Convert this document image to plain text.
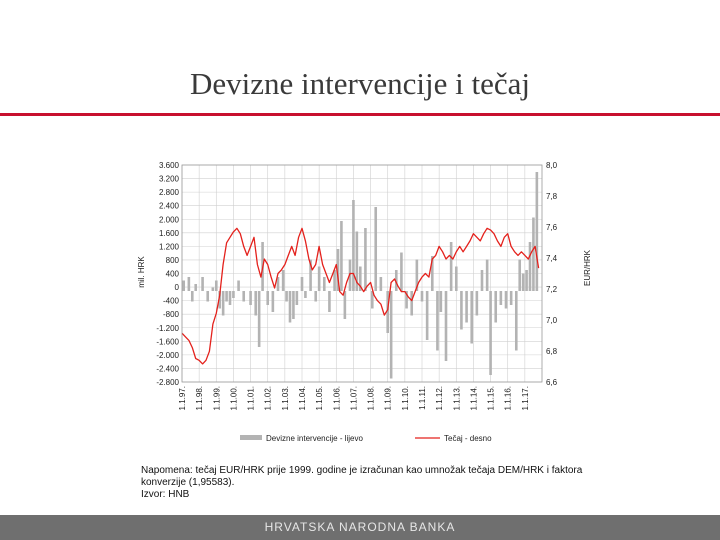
Devizne intervencije i tečaj
3.600
3.200
2.800
2.400
2.000
1.600
1.200
800
400
0
-400
-800
-1.200
-1.600
-2.000
-2.400
-2.800
8,0
7,8
7,6
7,4
7,2
7,0
6,8
6,6
1.1.97. 1.1.98. 1.1.99. 1.1.00. 1.1.01. 1.1.02. 1.1.03. 1.1.04. 1.1.05. 1.1.06. 1.1.07. 1.1.08. 1.1.09. 1.1.10. 1.1.11. 1.1.12. 1.1.13. 1.1.14. 1.1.15. 1.1.16. 1.1.17.
mil. HRK	EUR/HRK
Devizne intervencije - lijevo	Tečaj - desno
Napomena: tečaj EUR/HRK prije 1999. godine je izračunan kao umnožak tečaja DEM/HRK i faktora
konverzije (1,95583).
Izvor: HNB
HRVATSKA NARODNA BANKA
